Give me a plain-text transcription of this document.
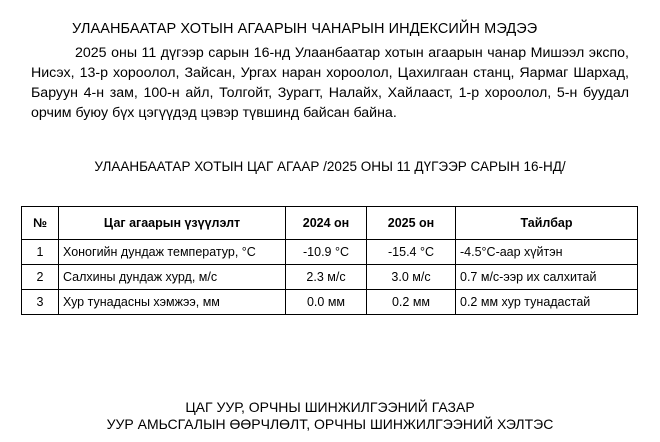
УЛААНБААТАР ХОТЫН АГААРЫН ЧАНАРЫН ИНДЕКСИЙН МЭДЭЭ
2025 оны 11 дүгээр сарын 16-нд Улаанбаатар хотын агаарын чанар Мишээл экспо, Нисэх, 13-р хороолол, Зайсан, Ургах наран хороолол, Цахилгаан станц, Яармаг Шархад, Баруун 4-н зам, 100-н айл, Толгойт, Зурагт, Налайх, Хайлааст, 1-р хороолол, 5-н буудал орчим буюу бүх цэгүүдэд цэвэр түвшинд байсан байна.
УЛААНБААТАР ХОТЫН ЦАГ АГААР /2025 ОНЫ 11 ДҮГЭЭР САРЫН 16-НД/
№	Цаг агаарын үзүүлэлт	2024 он	2025 он	Тайлбар
1	Хоногийн дундаж температур, °C	-10.9 °C	-15.4 °C	-4.5°C-аар хүйтэн
2	Салхины дундаж хурд, м/с	2.3 м/с	3.0 м/с	0.7 м/с-ээр их салхитай
3	Хур тунадасны хэмжээ, мм	0.0 мм	0.2 мм	0.2 мм хур тунадастай
ЦАГ УУР, ОРЧНЫ ШИНЖИЛГЭЭНИЙ ГАЗАР
УУР АМЬСГАЛЫН ӨӨРЧЛӨЛТ, ОРЧНЫ ШИНЖИЛГЭЭНИЙ ХЭЛТЭС
